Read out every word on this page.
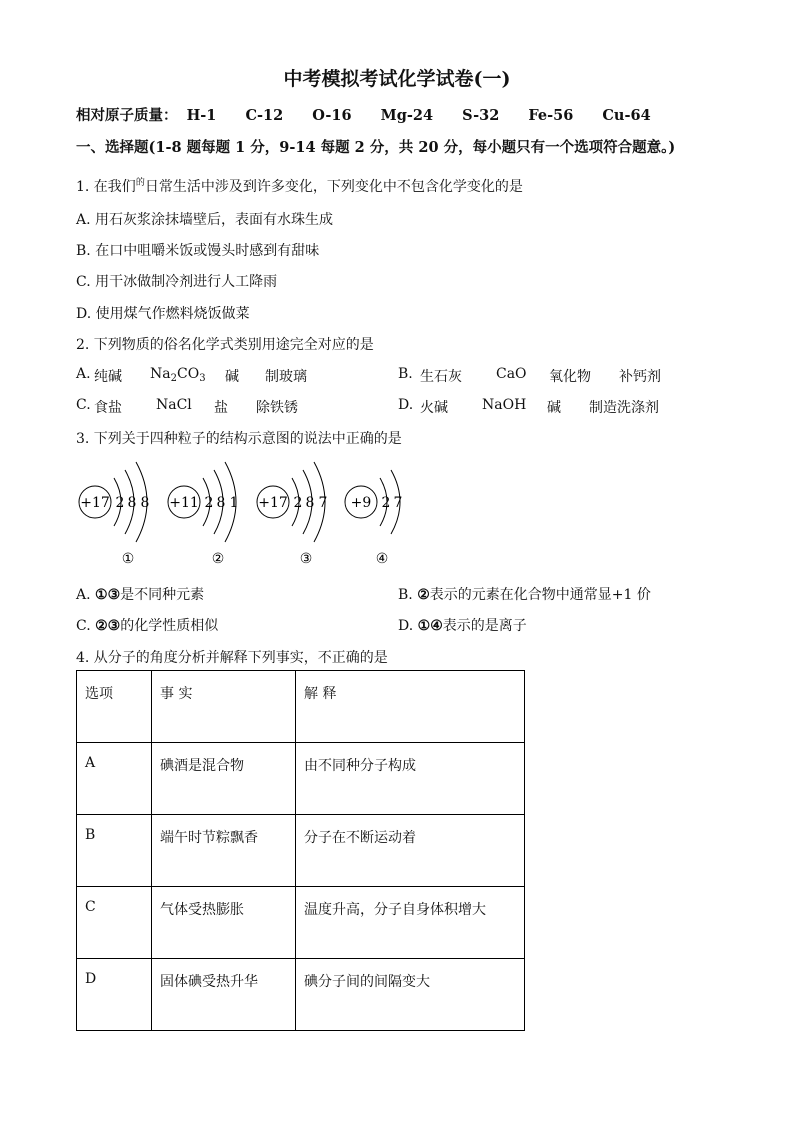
中考模拟考试化学试卷(一)
相对原子质量： H-1 C-12 O-16 Mg-24 S-32 Fe-56 Cu-64
一、选择题(1-8 题每题 1 分，9-14 每题 2 分，共 20 分，每小题只有一个选项符合题意。)
1. 在我们$^的$日常生活中涉及到许多变化，下列变化中不包含化学变化的是
A. 用石灰浆涂抹墙壁后，表面有水珠生成
B. 在口中咀嚼米饭或馒头时感到有甜味
C. 用干冰做制冷剂进行人工降雨
D. 使用煤气作燃料烧饭做菜
2. 下列物质的俗名化学式类别用途完全对应的是
A. 纯碱 $Na_2CO_3$ 碱 制玻璃	B. 生石灰 CaO 氧化物 补钙剂
C. 食盐 NaCl 盐 除铁锈	D. 火碱 NaOH 碱 制造洗涤剂
3. 下列关于四种粒子的结构示意图的说法中正确的是
+17 2 8 8
①
+11 2 8 1
②
+17 2 8 7
③
+9 2 7
④
A. ①③是不同种元素	B. ②表示的元素在化合物中通常显+1 价
C. ②③的化学性质相似	D. ①④表示的是离子
4. 从分子的角度分析并解释下列事实，不正确的是
选项	事 实	解 释
A	碘酒是混合物	由不同种分子构成
B	端午时节粽飘香	分子在不断运动着
C	气体受热膨胀	温度升高，分子自身体积增大
D	固体碘受热升华	碘分子间的间隔变大
